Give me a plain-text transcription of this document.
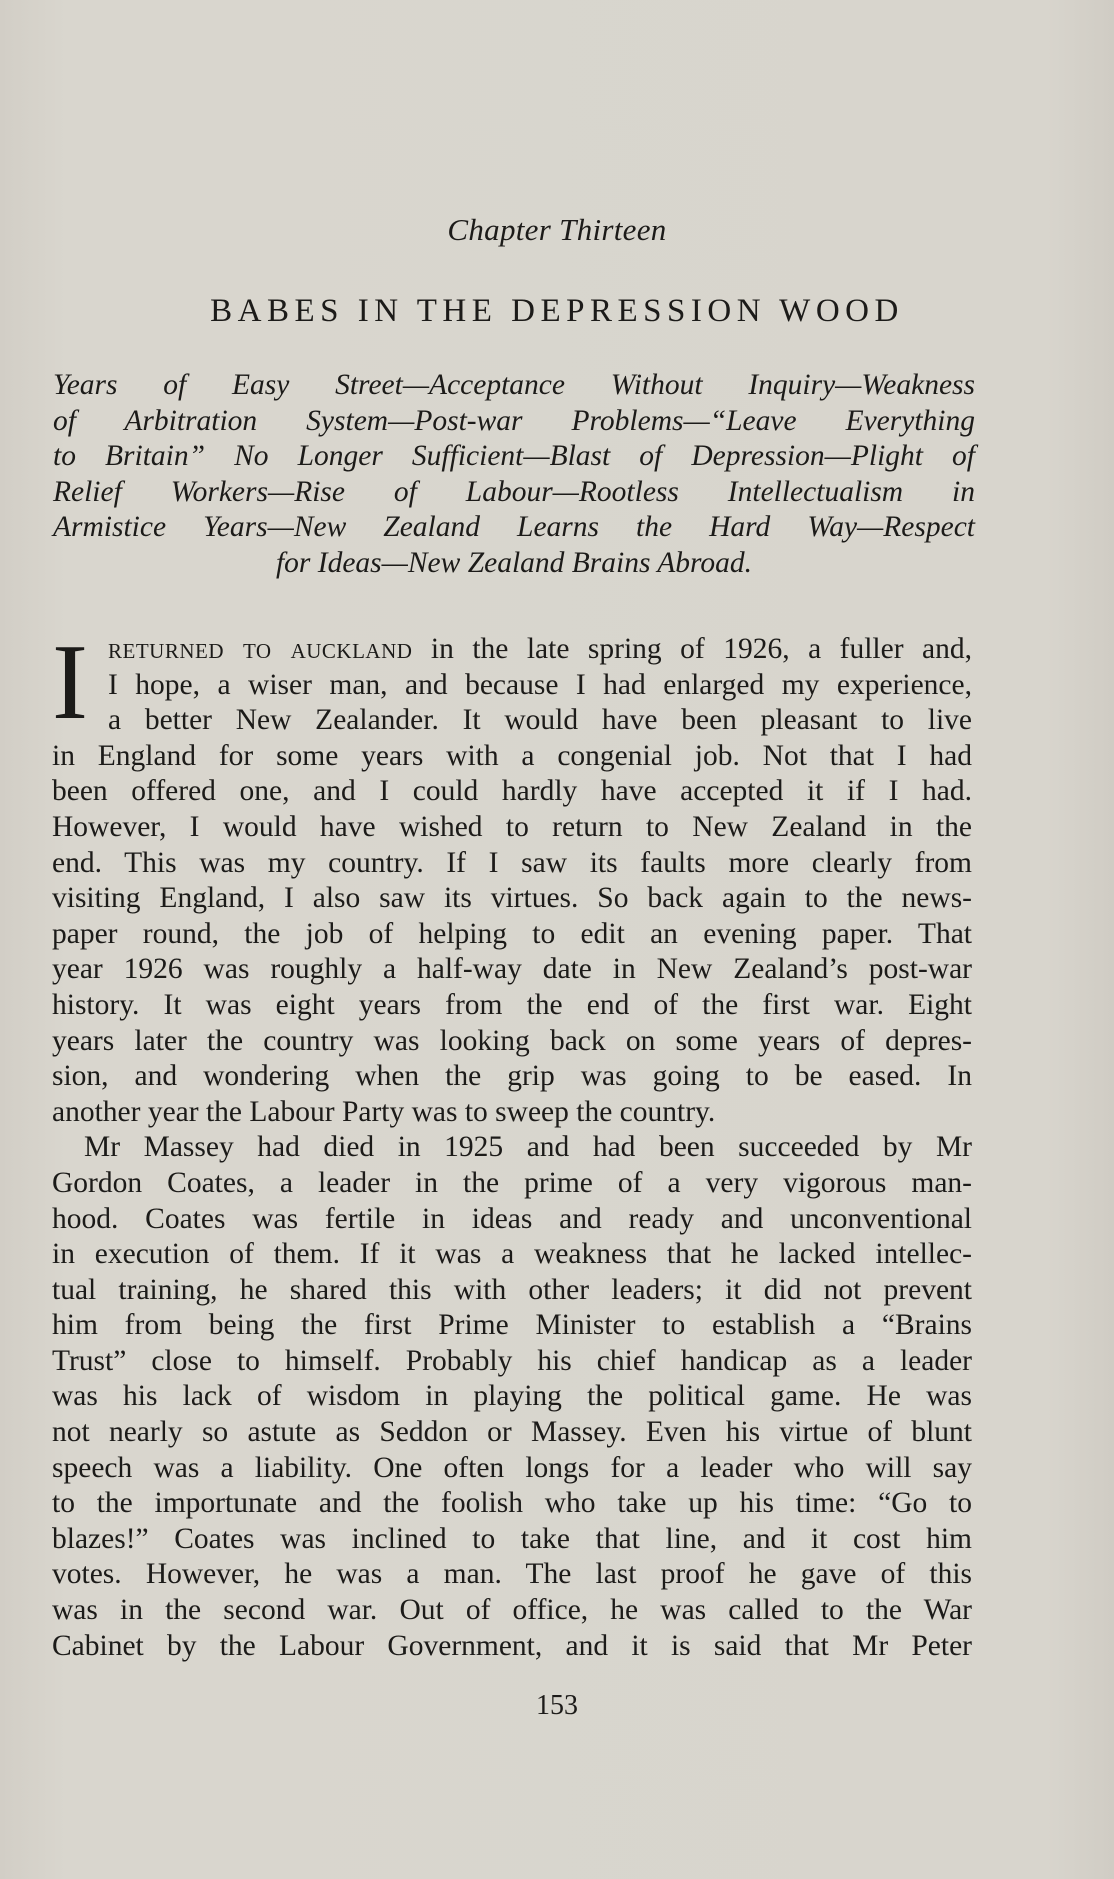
Chapter Thirteen
BABES IN THE DEPRESSION WOOD
Years of Easy Street—Acceptance Without Inquiry—Weakness
of Arbitration System—Post-war Problems—“Leave Everything
to Britain” No Longer Sufficient—Blast of Depression—Plight of
Relief Workers—Rise of Labour—Rootless Intellectualism in
Armistice Years—New Zealand Learns the Hard Way—Respect
for Ideas—New Zealand Brains Abroad.
I returned to auckland in the late spring of 1926, a fuller and,
I hope, a wiser man, and because I had enlarged my experience,
a better New Zealander. It would have been pleasant to live
in England for some years with a congenial job. Not that I had
been offered one, and I could hardly have accepted it if I had.
However, I would have wished to return to New Zealand in the
end. This was my country. If I saw its faults more clearly from
visiting England, I also saw its virtues. So back again to the news-
paper round, the job of helping to edit an evening paper. That
year 1926 was roughly a half-way date in New Zealand’s post-war
history. It was eight years from the end of the first war. Eight
years later the country was looking back on some years of depres-
sion, and wondering when the grip was going to be eased. In
another year the Labour Party was to sweep the country.
Mr Massey had died in 1925 and had been succeeded by Mr
Gordon Coates, a leader in the prime of a very vigorous man-
hood. Coates was fertile in ideas and ready and unconventional
in execution of them. If it was a weakness that he lacked intellec-
tual training, he shared this with other leaders; it did not prevent
him from being the first Prime Minister to establish a “Brains
Trust” close to himself. Probably his chief handicap as a leader
was his lack of wisdom in playing the political game. He was
not nearly so astute as Seddon or Massey. Even his virtue of blunt
speech was a liability. One often longs for a leader who will say
to the importunate and the foolish who take up his time: “Go to
blazes!” Coates was inclined to take that line, and it cost him
votes. However, he was a man. The last proof he gave of this
was in the second war. Out of office, he was called to the War
Cabinet by the Labour Government, and it is said that Mr Peter
153
